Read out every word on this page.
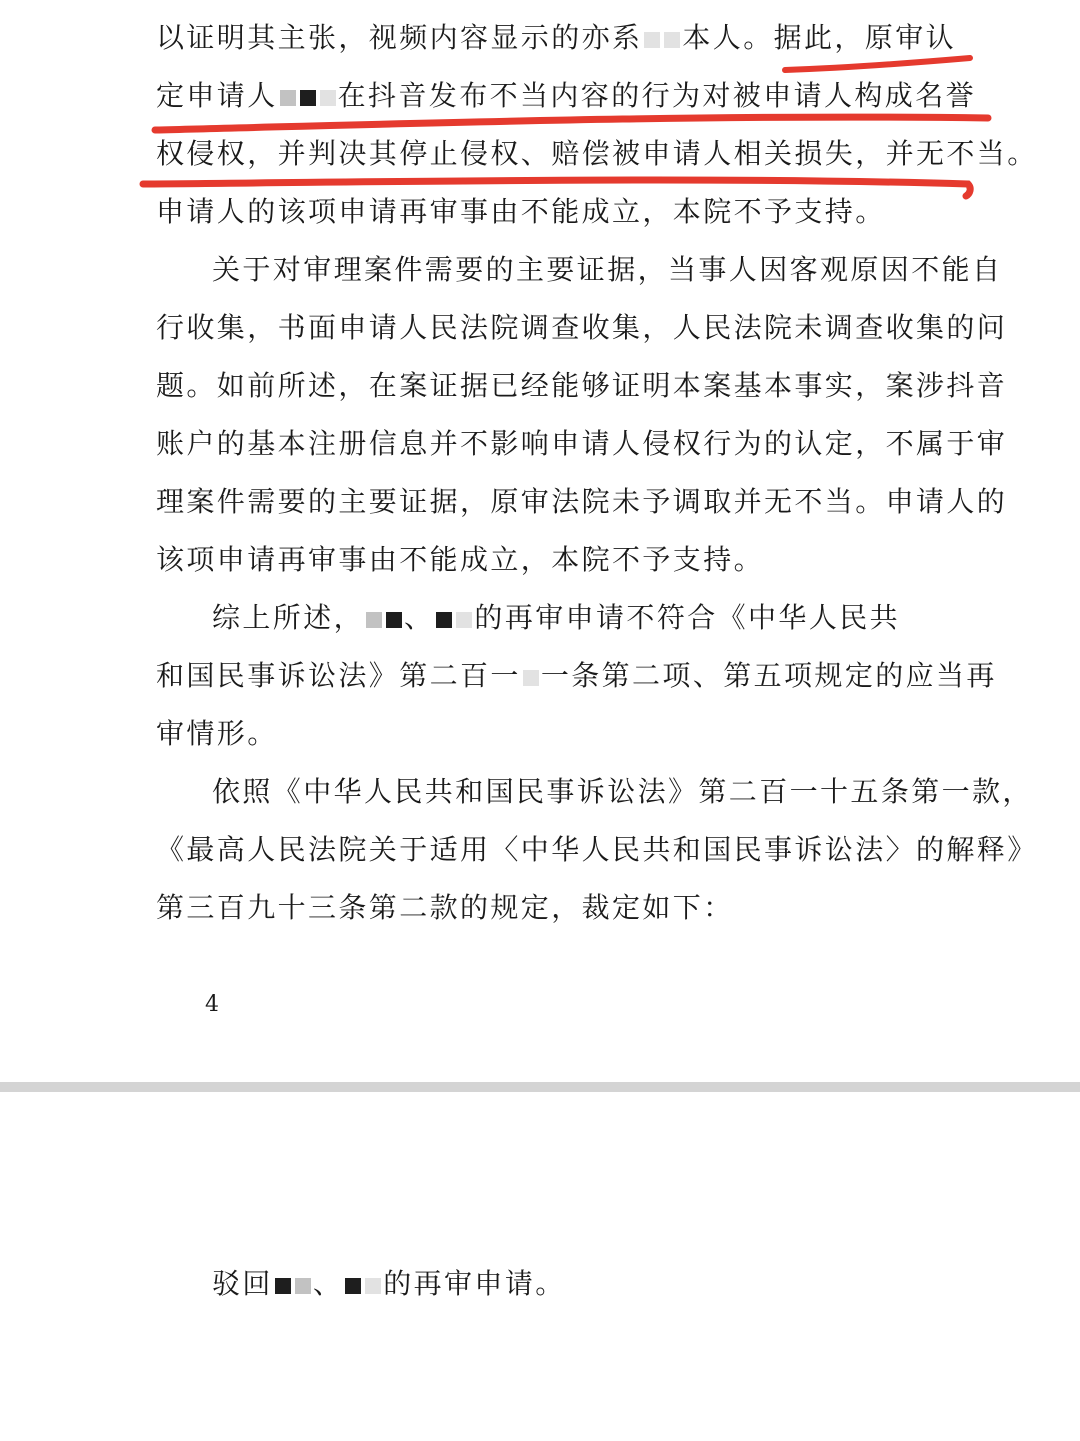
以证明其主张，视频内容显示的亦系 本人。据此，原审认
定申请人 在抖音发布不当内容的行为对被申请人构成名誉
权侵权，并判决其停止侵权、赔偿被申请人相关损失，并无不当。
申请人的该项申请再审事由不能成立，本院不予支持。
关于对审理案件需要的主要证据，当事人因客观原因不能自
行收集，书面申请人民法院调查收集，人民法院未调查收集的问
题。如前所述，在案证据已经能够证明本案基本事实，案涉抖音
账户的基本注册信息并不影响申请人侵权行为的认定，不属于审
理案件需要的主要证据，原审法院未予调取并无不当。申请人的
该项申请再审事由不能成立，本院不予支持。
综上所述， 、 的再审申请不符合《中华人民共
和国民事诉讼法》第二百一 一条第二项、第五项规定的应当再
审情形。
依照《中华人民共和国民事诉讼法》第二百一十五条第一款，
《最高人民法院关于适用〈中华人民共和国民事诉讼法〉的解释》
第三百九十三条第二款的规定，裁定如下：
4
驳回 、 的再审申请。
